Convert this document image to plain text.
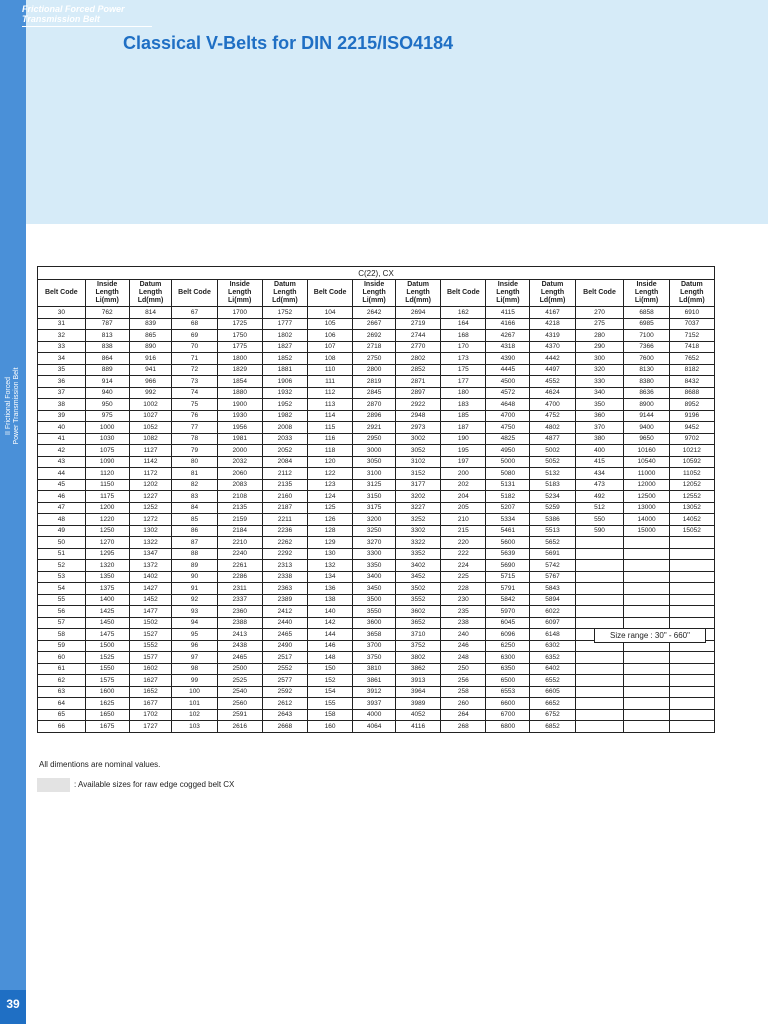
Frictional Forced Power
Transmission Belt
Classical V-Belts for DIN 2215/ISO4184
II Frictional Forced Power Transmission Belt
C(22), CX														
Belt Code	Inside Length Li(mm)	Datum Length Ld(mm)	Belt Code	Inside Length Li(mm)	Datum Length Ld(mm)	Belt Code	Inside Length Li(mm)	Datum Length Ld(mm)	Belt Code	Inside Length Li(mm)	Datum Length Ld(mm)	Belt Code	Inside Length Li(mm)	Datum Length Ld(mm)
30	762	814	67	1700	1752	104	2642	2694	162	4115	4167	270	6858	6910
31	787	839	68	1725	1777	105	2667	2719	164	4166	4218	275	6985	7037
32	813	865	69	1750	1802	106	2692	2744	168	4267	4319	280	7100	7152
33	838	890	70	1775	1827	107	2718	2770	170	4318	4370	290	7366	7418
34	864	916	71	1800	1852	108	2750	2802	173	4390	4442	300	7600	7652
35	889	941	72	1829	1881	110	2800	2852	175	4445	4497	320	8130	8182
36	914	966	73	1854	1906	111	2819	2871	177	4500	4552	330	8380	8432
37	940	992	74	1880	1932	112	2845	2897	180	4572	4624	340	8636	8688
38	950	1002	75	1900	1952	113	2870	2922	183	4648	4700	350	8900	8952
39	975	1027	76	1930	1982	114	2896	2948	185	4700	4752	360	9144	9196
40	1000	1052	77	1956	2008	115	2921	2973	187	4750	4802	370	9400	9452
41	1030	1082	78	1981	2033	116	2950	3002	190	4825	4877	380	9650	9702
42	1075	1127	79	2000	2052	118	3000	3052	195	4950	5002	400	10160	10212
43	1090	1142	80	2032	2084	120	3050	3102	197	5000	5052	415	10540	10592
44	1120	1172	81	2060	2112	122	3100	3152	200	5080	5132	434	11000	11052
45	1150	1202	82	2083	2135	123	3125	3177	202	5131	5183	473	12000	12052
46	1175	1227	83	2108	2160	124	3150	3202	204	5182	5234	492	12500	12552
47	1200	1252	84	2135	2187	125	3175	3227	205	5207	5259	512	13000	13052
48	1220	1272	85	2159	2211	126	3200	3252	210	5334	5386	550	14000	14052
49	1250	1302	86	2184	2236	128	3250	3302	215	5461	5513	590	15000	15052
50	1270	1322	87	2210	2262	129	3270	3322	220	5600	5652			
51	1295	1347	88	2240	2292	130	3300	3352	222	5639	5691			
52	1320	1372	89	2261	2313	132	3350	3402	224	5690	5742			
53	1350	1402	90	2286	2338	134	3400	3452	225	5715	5767			
54	1375	1427	91	2311	2363	136	3450	3502	228	5791	5843			
55	1400	1452	92	2337	2389	138	3500	3552	230	5842	5894			
56	1425	1477	93	2360	2412	140	3550	3602	235	5970	6022			
57	1450	1502	94	2388	2440	142	3600	3652	238	6045	6097			
58	1475	1527	95	2413	2465	144	3658	3710	240	6096	6148			
59	1500	1552	96	2438	2490	146	3700	3752	246	6250	6302			
60	1525	1577	97	2465	2517	148	3750	3802	248	6300	6352			
61	1550	1602	98	2500	2552	150	3810	3862	250	6350	6402			
62	1575	1627	99	2525	2577	152	3861	3913	256	6500	6552			
63	1600	1652	100	2540	2592	154	3912	3964	258	6553	6605			
64	1625	1677	101	2560	2612	155	3937	3989	260	6600	6652			
65	1650	1702	102	2591	2643	158	4000	4052	264	6700	6752			
66	1675	1727	103	2616	2668	160	4064	4116	268	6800	6852			
Size range : 30" - 660"
All dimentions are nominal values.
: Available sizes for raw edge cogged belt CX
39
